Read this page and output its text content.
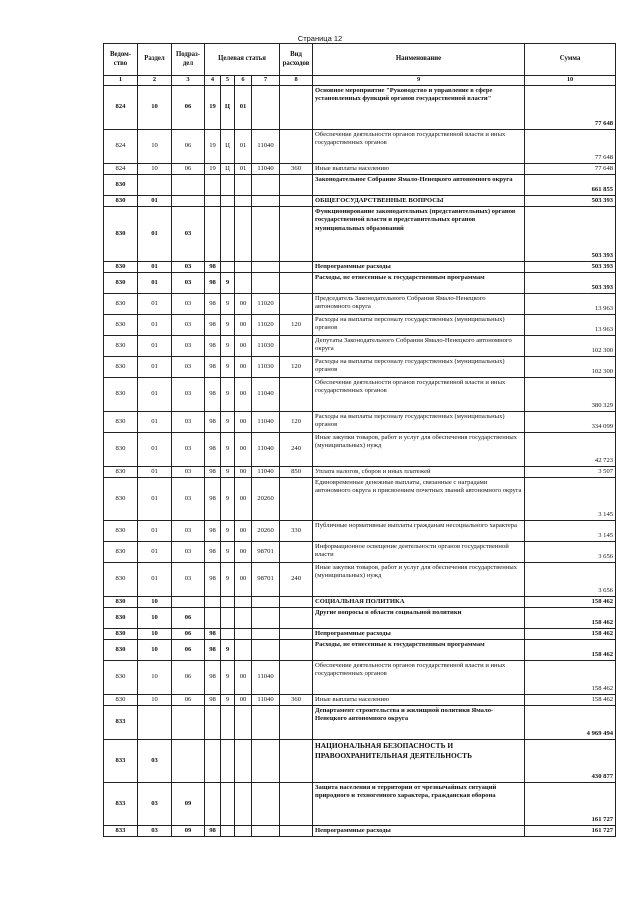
Страница 12
Ведом- ство	Раздел	Подраз- дел	Целевая статья				Вид расходов	Наименование	Сумма
1	2	3	4	5	6	7	8	9	10
824	10	06	19	Ц	01			Основное мероприятие "Руководство и управление в сфере установленных функций органов государственной власти"	77 648
824	10	06	19	Ц	01	11040		Обеспечение деятельности органов государственной власти и иных государственных органов	77 648
824	10	06	19	Ц	01	11040	360	Иные выплаты населению	77 648
830								Законодательное Собрание Ямало-Ненецкого автономного округа	661 855
830	01							ОБЩЕГОСУДАРСТВЕННЫЕ ВОПРОСЫ	503 393
830	01	03						Функционирование законодательных (представительных) органов государственной власти и представительных органов муниципальных образований	503 393
830	01	03	98					Непрограммные расходы	503 393
830	01	03	98	9				Расходы, не отнесенные к государственным программам	503 393
830	01	03	98	9	00	11020		Председатель Законодательного Собрания Ямало-Ненецкого автономного округа	13 963
830	01	03	98	9	00	11020	120	Расходы на выплаты персоналу государственных (муниципальных) органов	13 963
830	01	03	98	9	00	11030		Депутаты Законодательного Собрания Ямало-Ненецкого автономного округа	102 300
830	01	03	98	9	00	11030	120	Расходы на выплаты персоналу государственных (муниципальных) органов	102 300
830	01	03	98	9	00	11040		Обеспечение деятельности органов государственной власти и иных государственных органов	380 329
830	01	03	98	9	00	11040	120	Расходы на выплаты персоналу государственных (муниципальных) органов	334 099
830	01	03	98	9	00	11040	240	Иные закупки товаров, работ и услуг для обеспечения государственных (муниципальных) нужд	42 723
830	01	03	98	9	00	11040	850	Уплата налогов, сборов и иных платежей	3 507
830	01	03	98	9	00	20260		Единовременные денежные выплаты, связанные с наградами автономного округа и присвоением почетных званий автономного округа	3 145
830	01	03	98	9	00	20260	330	Публичные нормативные выплаты гражданам несоциального характера	3 145
830	01	03	98	9	00	98701		Информационное освещение деятельности органов государственной власти	3 656
830	01	03	98	9	00	98701	240	Иные закупки товаров, работ и услуг для обеспечения государственных (муниципальных) нужд	3 656
830	10							СОЦИАЛЬНАЯ ПОЛИТИКА	158 462
830	10	06						Другие вопросы в области социальной политики	158 462
830	10	06	98					Непрограммные расходы	158 462
830	10	06	98	9				Расходы, не отнесенные к государственным программам	158 462
830	10	06	98	9	00	11040		Обеспечение деятельности органов государственной власти и иных государственных органов	158 462
830	10	06	98	9	00	11040	360	Иные выплаты населению	158 462
833								Департамент строительства и жилищной политики Ямало-Ненецкого автономного округа	4 969 494
833	03							НАЦИОНАЛЬНАЯ БЕЗОПАСНОСТЬ И ПРАВООХРАНИТЕЛЬНАЯ ДЕЯТЕЛЬНОСТЬ	430 877
833	03	09						Защита населения и территории от чрезвычайных ситуаций природного и техногенного характера, гражданская оборона	161 727
833	03	09	98					Непрограммные расходы	161 727
